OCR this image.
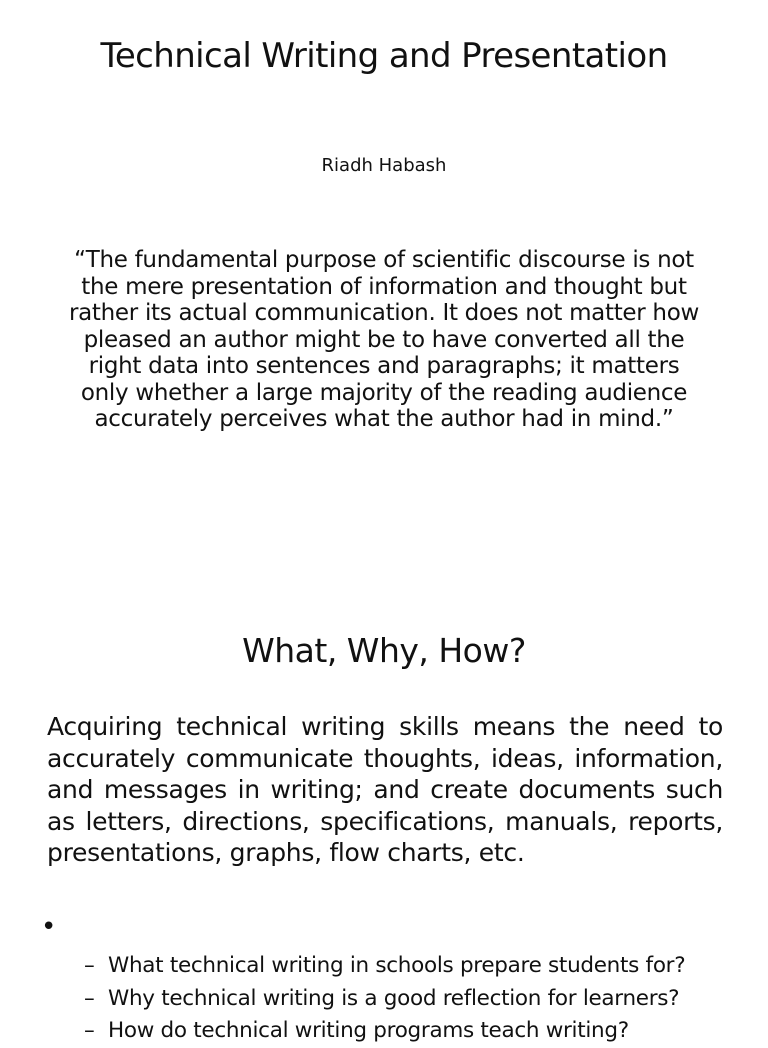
Technical Writing and Presentation

Riadh Habash

“The fundamental purpose of scientific discourse is not the mere presentation of information and thought but rather its actual communication. It does not matter how pleased an author might be to have converted all the right data into sentences and paragraphs; it matters only whether a large majority of the reading audience accurately perceives what the author had in mind.”

What, Why, How?

Acquiring technical writing skills means the need to accurately communicate thoughts, ideas, information, and messages in writing; and create documents such as letters, directions, specifications, manuals, reports, presentations, graphs, flow charts, etc.

•
– What technical writing in schools prepare students for?
– Why technical writing is a good reflection for learners?
– How do technical writing programs teach writing?
